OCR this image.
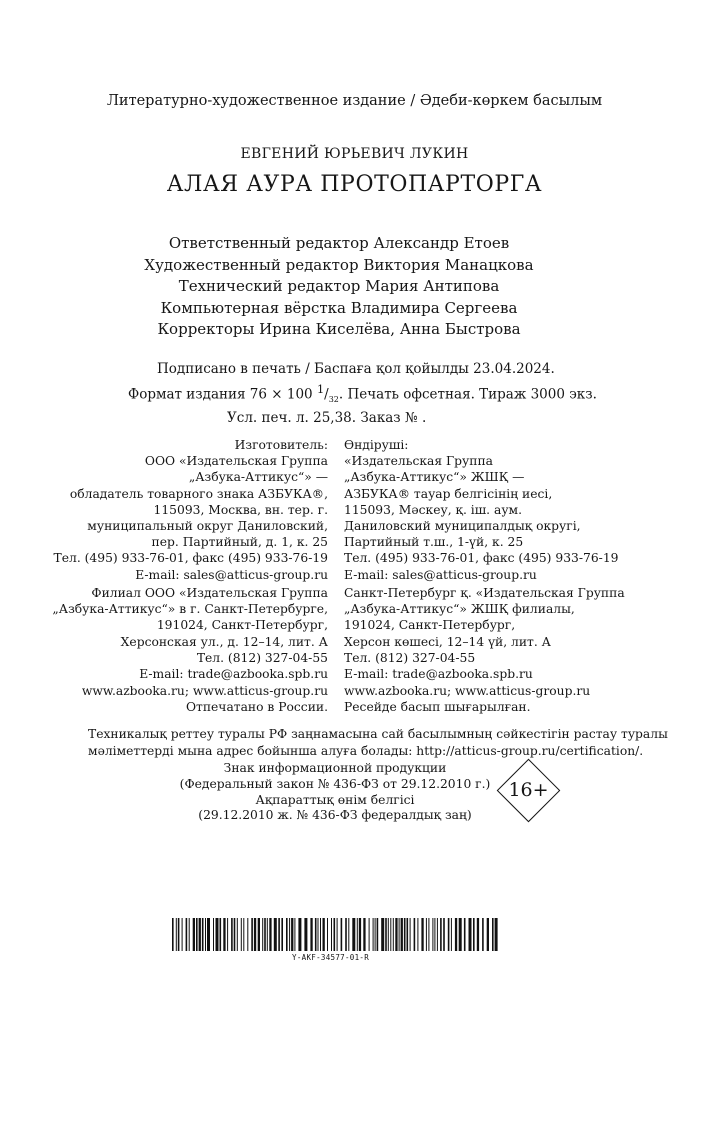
Литературно-художественное издание / Әдеби-көркем басылым
ЕВГЕНИЙ ЮРЬЕВИЧ ЛУКИН
АЛАЯ АУРА ПРОТОПАРТОРГА
Ответственный редактор Александр Етоев
Художественный редактор Виктория Манацкова
Технический редактор Мария Антипова
Компьютерная вёрстка Владимира Сергеева
Корректоры Ирина Киселёва, Анна Быстрова
Подписано в печать / Баспаға қол қойылды 23.04.2024.
Формат издания 76 × 100 $^1/_{32}$. Печать офсетная. Тираж 3000 экз.
Усл. печ. л. 25,38. Заказ № .
Изготовитель:
ООО «Издательская Группа
„Азбука-Аттикус“» —
обладатель товарного знака АЗБУКА®,
115093, Москва, вн. тер. г.
муниципальный округ Даниловский,
пер. Партийный, д. 1, к. 25
Тел. (495) 933-76-01, факс (495) 933-76-19
E-mail: sales@atticus-group.ru
Өндіруші:
«Издательская Группа
„Азбука-Аттикус“» ЖШҚ —
АЗБУКА® тауар белгісінің иесі,
115093, Мәскеу, қ. іш. аум.
Даниловский муниципалдық округі,
Партийный т.ш., 1-үй, к. 25
Тел. (495) 933-76-01, факс (495) 933-76-19
E-mail: sales@atticus-group.ru
Филиал ООО «Издательская Группа
„Азбука-Аттикус“» в г. Санкт-Петербурге,
191024, Санкт-Петербург,
Херсонская ул., д. 12–14, лит. А
Тел. (812) 327-04-55
E-mail: trade@azbooka.spb.ru
Санкт-Петербург қ. «Издательская Группа
„Азбука-Аттикус“» ЖШҚ филиалы,
191024, Санкт-Петербург,
Херсон көшесі, 12–14 үй, лит. А
Тел. (812) 327-04-55
E-mail: trade@azbooka.spb.ru
www.azbooka.ru; www.atticus-group.ru
Отпечатано в России.
www.azbooka.ru; www.atticus-group.ru
Ресейде басып шығарылған.
Техникалық реттеу туралы РФ заңнамасына сай басылымның сәйкестігін растау туралы
мәліметтерді мына адрес бойынша алуға болады: http://atticus-group.ru/certification/.
Знак информационной продукции
(Федеральный закон № 436-ФЗ от 29.12.2010 г.)
Ақпараттық өнім белгісі
(29.12.2010 ж. № 436-ФЗ федералдық заң)
16+
Y-AKF-34577-01-R
